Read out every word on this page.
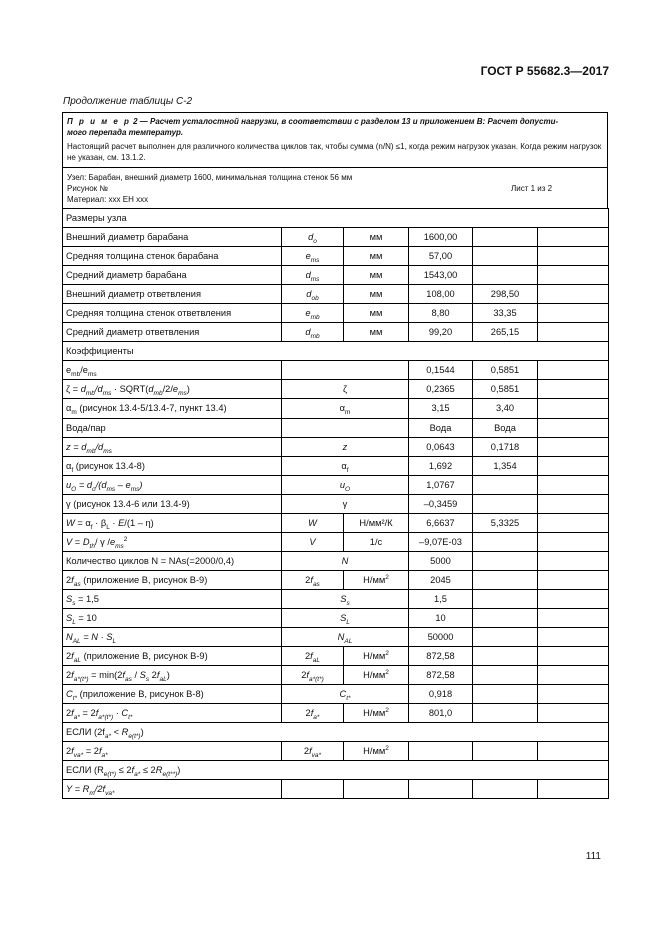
ГОСТ Р 55682.3—2017
Продолжение таблицы С-2
П р и м е р 2 — Расчет усталостной нагрузки, в соответствии с разделом 13 и приложением В: Расчет допусти-
мого перепада температур.
Настоящий расчет выполнен для различного количества циклов так, чтобы сумма (n/N) ≤1, когда режим нагрузок указан. Когда режим нагрузок не указан, см. 13.1.2.
Узел: Барабан, внешний диаметр 1600, минимальная толщина стенок 56 мм
Рисунок №
Материал: xxx EH xxx
Лист 1 из 2
Размеры узла					
Внешний диаметр барабана	$d_o$	мм	1600,00		
Средняя толщина стенок барабана	$e_{ms}$	мм	57,00		
Средний диаметр барабана	$d_{ms}$	мм	1543,00		
Внешний диаметр ответвления	$d_{ob}$	мм	108,00	298,50	
Средняя толщина стенок ответвления	$e_{mb}$	мм	8,80	33,35	
Средний диаметр ответвления	$d_{mb}$	мм	99,20	265,15	
Коэффициенты					
$e_{mb}/e_{ms}$			0,1544	0,5851	
$\zeta = d_{mb}/d_{ms}$ · $SQRT(d_{mb}/2/e_{ms})$	ζ		0,2365	0,5851	
$\alpha_m$ (рисунок 13.4-5/13.4-7, пункт 13.4)	$\alpha_m$		3,15	3,40	
Вода/пар			Вода	Вода	
$z = d_{mb}/d_{ms}$	z		0,0643	0,1718	
$\alpha_f$ (рисунок 13.4-8)	$\alpha_f$		1,692	1,354	
$u_O = d_o/(d_{ms} - e_{ms})$	$u_O$		1,0767		
γ (рисунок 13.4-6 или 13.4-9)	γ		–0,3459		
$W = \alpha_f \cdot \beta_L \cdot E/(1 - \eta)$	W	Н/мм²/К	6,6637	5,3325	
$V = D_{th}/$ γ $/e_{ms}^2$	V	1/с	–9,07E-03		
Количество циклов N = NAs(=2000/0,4)	N		5000		
$2f_{as}$ (приложение В, рисунок В-9)	$2f_{as}$	$Н/мм^2$	2045		
$S_s = 1,5$	$S_s$		1,5		
$S_L = 10$	$S_L$		10		
$N_{AL} = N \cdot S_L$	$N_{AL}$		50000		
$2f_{aL}$ (приложение В, рисунок В-9)	$2f_{aL}$	$Н/мм^2$	872,58		
$2f_{a*(t*)} = \min(2f_{as} / S_s$ $2f_{aL}$)	$2f_{a*(t*)}$	$Н/мм^2$	872,58		
$C_{t*}$ (приложение В, рисунок В-8)	$C_{t*}$		0,918		
$2f_{a*} = 2f_{a*(t*)} \cdot C_{t*}$	$2f_{a*}$	$Н/мм^2$	801,0		
ЕСЛИ $(2f_{a*} < R_{e(t*)})$					
$2f_{va*} = 2f_{a*}$	$2f_{va*}$	$Н/мм^2$			
ЕСЛИ $(R_{e(t*)} \le 2f_{a*} \le 2R_{e(t**)})$					
$Y = R_m/2f_{va*}$					
111
